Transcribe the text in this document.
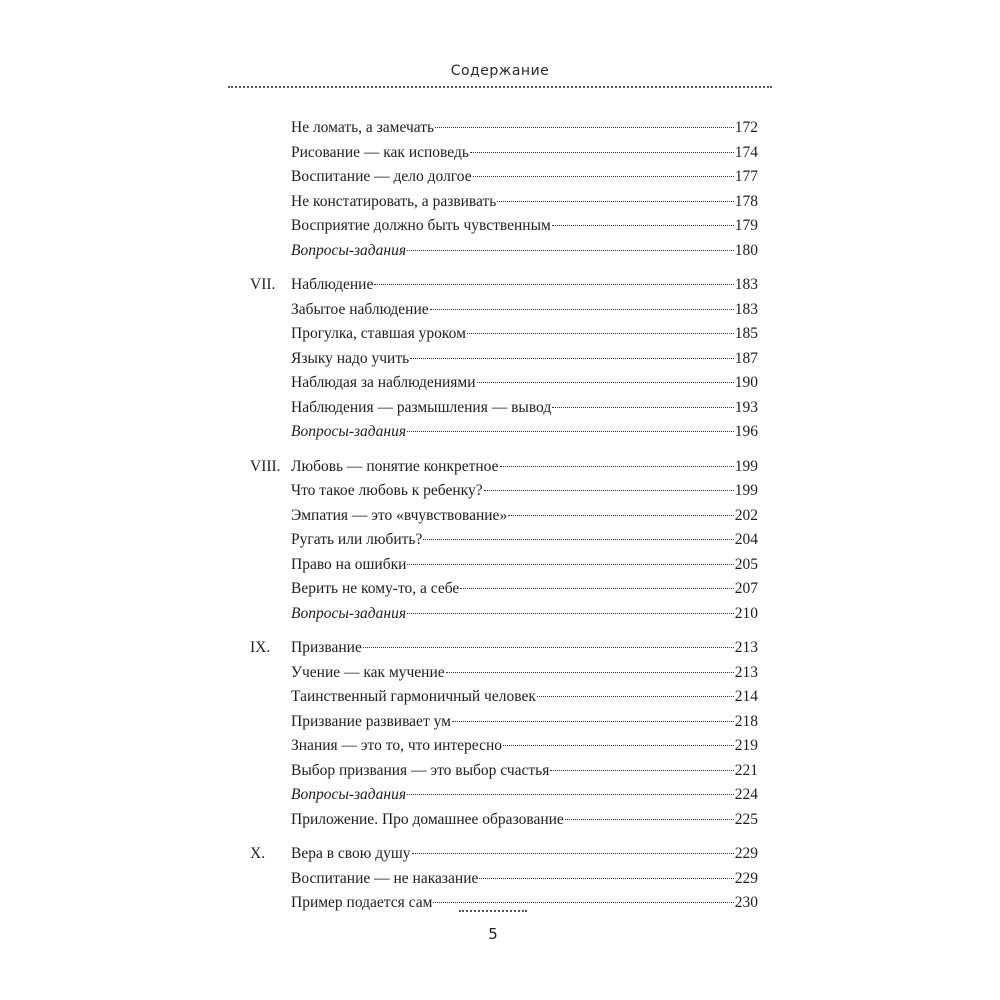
Содержание
Не ломать, а замечать	172
Рисование — как исповедь	174
Воспитание — дело долгое	177
Не констатировать, а развивать	178
Восприятие должно быть чувственным	179
Вопросы-задания	180
VII.	Наблюдение	183
Забытое наблюдение	183
Прогулка, ставшая уроком	185
Языку надо учить	187
Наблюдая за наблюдениями	190
Наблюдения — размышления — вывод	193
Вопросы-задания	196
VIII. Любовь — понятие конкретное	199
Что такое любовь к ребенку?	199
Эмпатия — это «вчувствование»	202
Ругать или любить?	204
Право на ошибки	205
Верить не кому-то, а себе	207
Вопросы-задания	210
IX.	Призвание	213
Учение — как мучение	213
Таинственный гармоничный человек	214
Призвание развивает ум	218
Знания — это то, что интересно	219
Выбор призвания — это выбор счастья	221
Вопросы-задания	224
Приложение. Про домашнее образование	225
X.	Вера в свою душу	229
Воспитание — не наказание	229
Пример подается сам	230
5
